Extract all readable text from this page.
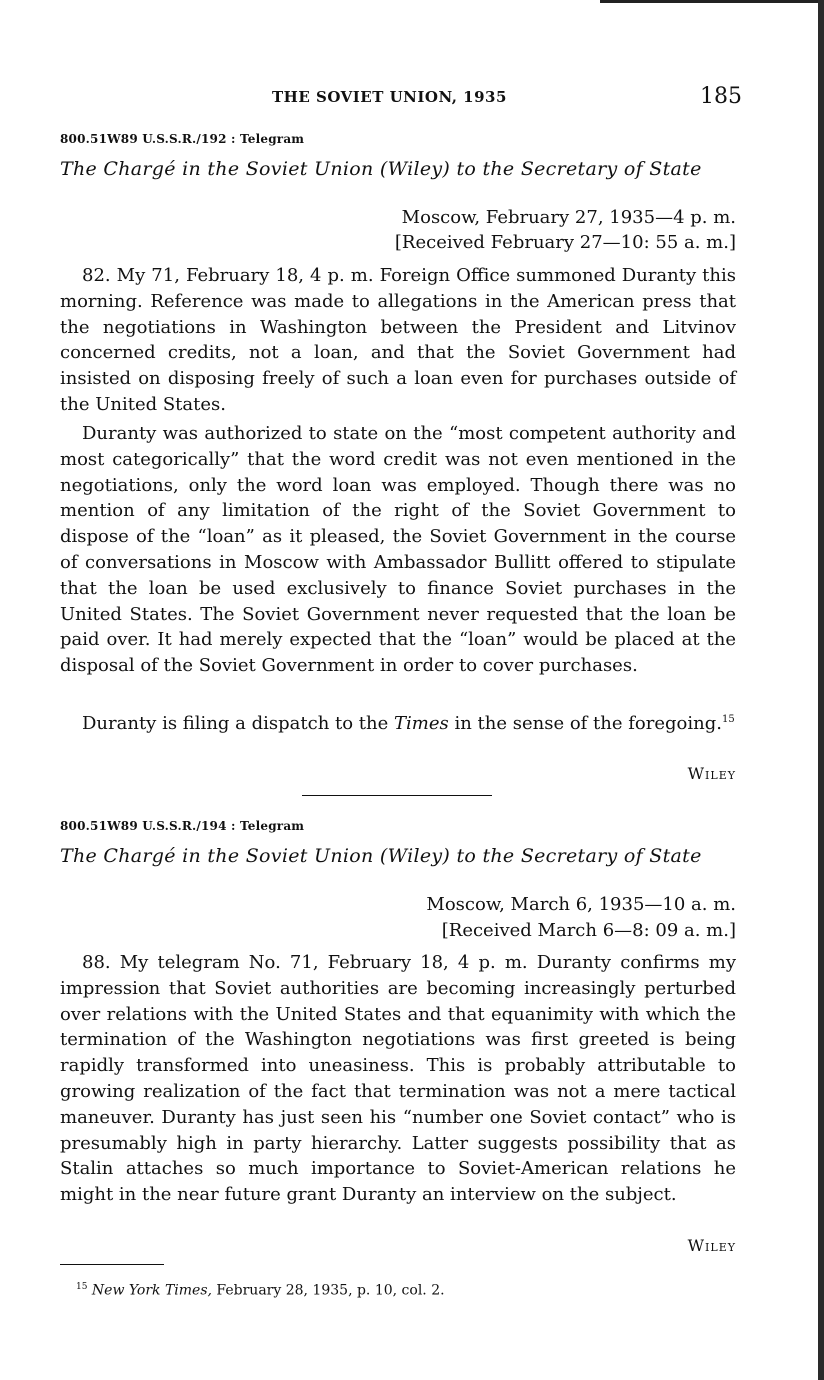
THE SOVIET UNION, 1935	185
800.51W89 U.S.S.R./192 : Telegram
The Chargé in the Soviet Union (Wiley) to the Secretary of State
Moscow, February 27, 1935—4 p. m.
[Received February 27—10: 55 a. m.]

82. My 71, February 18, 4 p. m. Foreign Office summoned Duranty this morning. Reference was made to allegations in the American press that the negotiations in Washington between the President and Litvinov concerned credits, not a loan, and that the Soviet Government had insisted on disposing freely of such a loan even for purchases outside of the United States.

Duranty was authorized to state on the “most competent authority and most categorically” that the word credit was not even mentioned in the negotiations, only the word loan was employed. Though there was no mention of any limitation of the right of the Soviet Government to dispose of the “loan” as it pleased, the Soviet Government in the course of conversations in Moscow with Ambassador Bullitt offered to stipulate that the loan be used exclusively to finance Soviet purchases in the United States. The Soviet Government never requested that the loan be paid over. It had merely expected that the “loan” would be placed at the disposal of the Soviet Government in order to cover purchases.

Duranty is filing a dispatch to the Times in the sense of the foregoing.$^{15}$

Wiley
800.51W89 U.S.S.R./194 : Telegram
The Chargé in the Soviet Union (Wiley) to the Secretary of State
Moscow, March 6, 1935—10 a. m.
[Received March 6—8: 09 a. m.]

88. My telegram No. 71, February 18, 4 p. m. Duranty confirms my impression that Soviet authorities are becoming increasingly perturbed over relations with the United States and that equanimity with which the termination of the Washington negotiations was first greeted is being rapidly transformed into uneasiness. This is probably attributable to growing realization of the fact that termination was not a mere tactical maneuver. Duranty has just seen his “number one Soviet contact” who is presumably high in party hierarchy. Latter suggests possibility that as Stalin attaches so much importance to Soviet-American relations he might in the near future grant Duranty an interview on the subject.

Wiley
$^{15}$ New York Times, February 28, 1935, p. 10, col. 2.
